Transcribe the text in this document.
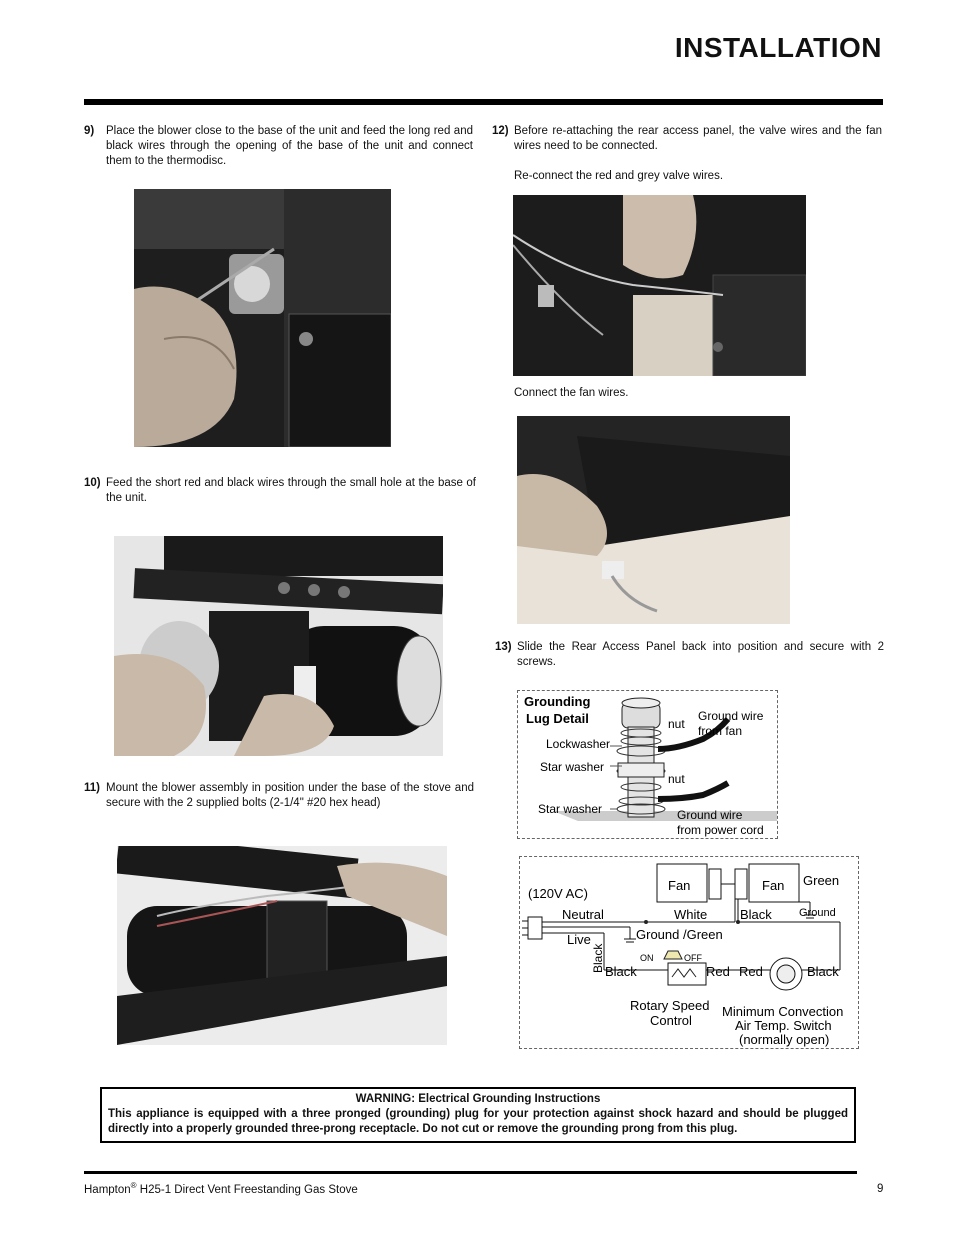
INSTALLATION
9)	Place the blower close to the base of the unit and feed the long red and black wires through the opening of the base of the unit and connect them to the thermodisc.
10) Feed the short red and black wires through the small hole at the base of the unit.
11) Mount the blower assembly in position under the base of the stove and secure with the 2 supplied bolts (2-1/4" #20 hex head)
12) Before re-attaching the rear access panel, the valve wires and the fan wires need to be connected.
Re-connect the red and grey valve wires.
Connect the fan wires.
13) Slide the Rear Access Panel back into position and secure with 2 screws.
Grounding
Lug Detail	nut
nut
Lockwasher
Star washer
Star washer
Ground wire
from fan
Ground wire
from power cord
Fan	Fan Green
Ground
(120V AC)
Neutral	White	Black
Live	Ground /Green
Black	ON	OFF
Black	Red Red	Black
Rotary Speed
Control
Minimum Convection
Air Temp. Switch
(normally open)
WARNING: Electrical Grounding Instructions
This appliance is equipped with a three pronged (grounding) plug for your protection against shock hazard and should be plugged directly into a properly grounded three-prong receptacle. Do not cut or remove the grounding prong from this plug.
Hampton® H25-1 Direct Vent Freestanding Gas Stove	9
